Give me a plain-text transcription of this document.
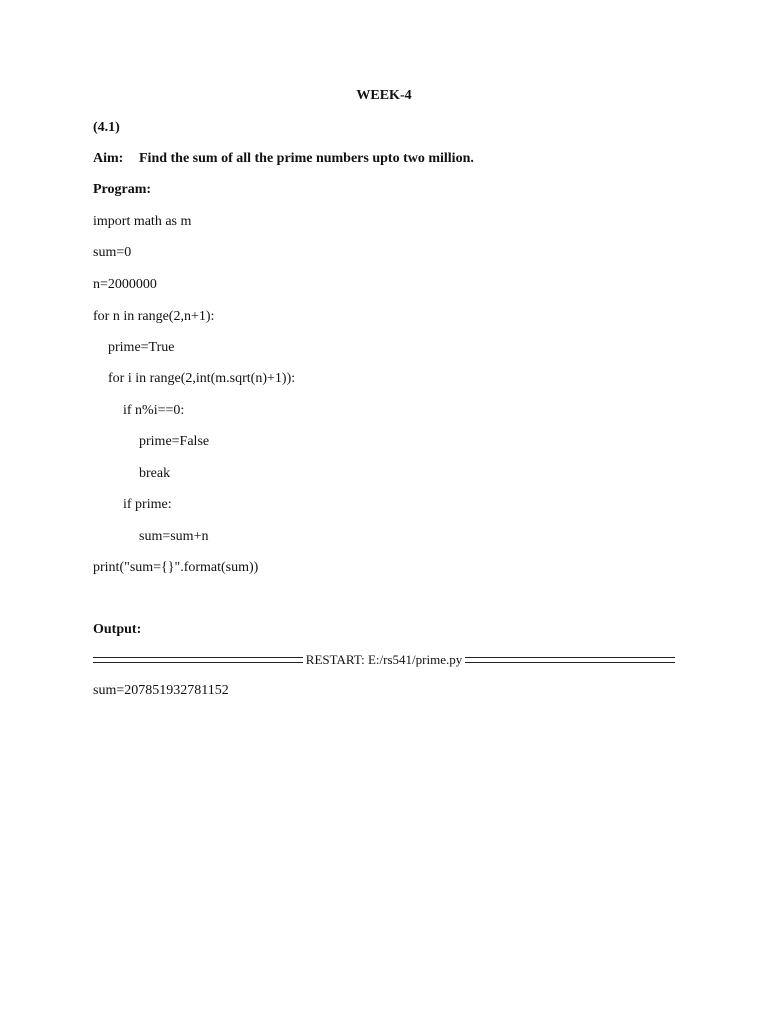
WEEK-4
(4.1)
Aim:	Find the sum of all the prime numbers upto two million.
Program:
import math as m
sum=0
n=2000000
for n in range(2,n+1):
prime=True
for i in range(2,int(m.sqrt(n)+1)):
if n%i==0:
prime=False
break
if prime:
sum=sum+n
print("sum={}".format(sum))
Output:
RESTART: E:/rs541/prime.py
sum=207851932781152
